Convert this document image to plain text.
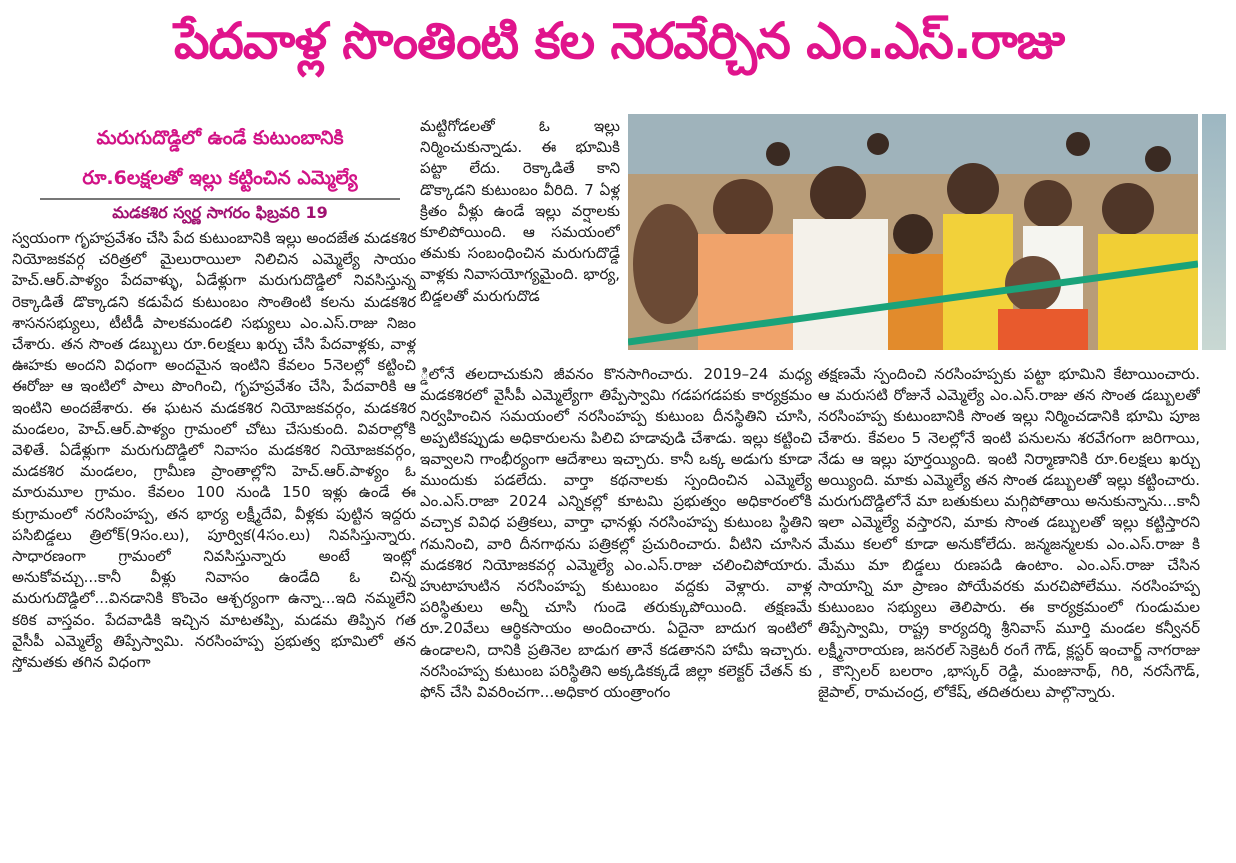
పేదవాళ్ల సొంతింటి కల నెరవేర్చిన ఎం.ఎస్.రాజు
మరుగుదొడ్డిలో ఉండే కుటుంబానికి
రూ.6లక్షలతో ఇల్లు కట్టించిన ఎమ్మెల్యే
మడకశిర స్వర్ణ సాగరం ఫిబ్రవరి 19

స్వయంగా గృహప్రవేశం చేసి పేద కుటుంబానికి ఇల్లు అందజేత మడకశిర నియోజకవర్గ చరిత్రలో మైలురాయిలా నిలిచిన ఎమ్మెల్యే సాయం హెచ్.ఆర్.పాళ్యం పేదవాళ్ళు, ఏడేళ్లుగా మరుగుదొడ్డిలో నివసిస్తున్న రెక్కాడితే డొక్కాడని కడుపేద కుటుంబం సొంతింటి కలను మడకశిర శాసనసభ్యులు, టీటీడీ పాలకమండలి సభ్యులు ఎం.ఎస్.రాజు నిజం చేశారు. తన సొంత డబ్బులు రూ.6లక్షలు ఖర్చు చేసి పేదవాళ్లకు, వాళ్ల ఊహకు అందని విధంగా అందమైన ఇంటిని కేవలం 5నెలల్లో కట్టించి ఈరోజు ఆ ఇంటిలో పాలు పొంగించి, గృహప్రవేశం చేసి, పేదవారికి ఆ ఇంటిని అందజేశారు. ఈ ఘటన మడకశిర నియోజకవర్గం, మడకశిర మండలం, హెచ్.ఆర్.పాళ్యం గ్రామంలో చోటు చేసుకుంది. వివరాల్లోకి వెళితే. ఏడేళ్లుగా మరుగుదొడ్డిలో నివాసం మడకశిర నియోజకవర్గం, మడకశిర మండలం, గ్రామీణ ప్రాంతాల్లోని హెచ్.ఆర్.పాళ్యం ఓ మారుమూల గ్రామం. కేవలం 100 నుండి 150 ఇళ్లు ఉండే ఈ కుగ్రామంలో నరసింహప్ప, తన భార్య లక్ష్మీదేవి, వీళ్లకు పుట్టిన ఇద్దరు పసిబిడ్డలు త్రిలోక్(9సం.లు), పూర్విక(4సం.లు) నివసిస్తున్నారు. సాధారణంగా గ్రామంలో నివసిస్తున్నారు అంటే ఇంట్లో అనుకోవచ్చు...కానీ వీళ్లు నివాసం ఉండేది ఓ చిన్న మరుగుదొడ్డిలో...వినడానికి కొంచెం ఆశ్చర్యంగా ఉన్నా...ఇది నమ్మలేని కఠిక వాస్తవం. పేదవాడికి ఇచ్చిన మాటతప్పి, మడమ తిప్పిన గత వైసీపీ ఎమ్మెల్యే తిప్పేస్వామి. నరసింహప్ప ప్రభుత్వ భూమిలో తన స్తోమతకు తగిన విధంగా

మట్టిగోడలతో ఓ ఇల్లు నిర్మించుకున్నాడు. ఈ భూమికి పట్టా లేదు. రెక్కాడితే కాని డొక్కాడని కుటుంబం వీరిది. 7 ఏళ్ల క్రితం వీళ్లు ఉండే ఇల్లు వర్షాలకు కూలిపోయింది. ఆ సమయంలో తమకు సంబంధించిన మరుగుదొడ్డే వాళ్లకు నివాసయోగ్యమైంది. భార్య, బిడ్డలతో మరుగుదొడ

్డిలోనే తలదాచుకుని జీవనం కొనసాగించారు. 2019–24 మధ్య మడకశిరలో వైసీపీ ఎమ్మెల్యేగా తిప్పేస్వామి గడపగడపకు కార్యక్రమం నిర్వహించిన సమయంలో నరసింహప్ప కుటుంబ దీనస్థితిని చూసి, అప్పటికప్పుడు అధికారులను పిలిచి హడావుడి చేశాడు. ఇల్లు కట్టించి ఇవ్వాలని గాంభీర్యంగా ఆదేశాలు ఇచ్చారు. కానీ ఒక్క అడుగు కూడా ముందుకు పడలేదు. వార్తా కథనాలకు స్పందించిన ఎమ్మెల్యే ఎం.ఎస్.రాజా 2024 ఎన్నికల్లో కూటమి ప్రభుత్వం అధికారంలోకి వచ్చాక వివిధ పత్రికలు, వార్తా ఛానళ్లు నరసింహప్ప కుటుంబ స్థితిని గమనించి, వారి దీనగాథను పత్రికల్లో ప్రచురించారు. వీటిని చూసిన మడకశిర నియోజకవర్గ ఎమ్మెల్యే ఎం.ఎస్.రాజు చలించిపోయారు. హుటాహుటిన నరసింహప్ప కుటుంబం వద్దకు వెళ్లారు. వాళ్ల పరిస్థితులు అన్నీ చూసి గుండె తరుక్కుపోయింది. తక్షణమే రూ.20వేలు ఆర్థికసాయం అందించారు. ఏదైనా బాదుగ ఇంటిలో ఉండాలని, దానికి ప్రతినెల బాడుగ తానే కడతానని హామీ ఇచ్చారు. నరసింహప్ప కుటుంబ పరిస్థితిని అక్కడికక్కడే జిల్లా కలెక్టర్ చేతన్ కు ఫోన్ చేసి వివరించగా...అధికార యంత్రాంగం

తక్షణమే స్పందించి నరసింహప్పకు పట్టా భూమిని కేటాయించారు. ఆ మరుసటి రోజునే ఎమ్మెల్యే ఎం.ఎస్.రాజు తన సొంత డబ్బులతో నరసింహప్ప కుటుంబానికి సొంత ఇల్లు నిర్మించడానికి భూమి పూజ చేశారు. కేవలం 5 నెలల్లోనే ఇంటి పనులను శరవేగంగా జరిగాయి, నేడు ఆ ఇల్లు పూర్తయ్యింది. ఇంటి నిర్మాణానికి రూ.6లక్షలు ఖర్చు అయ్యింది. మాకు ఎమ్మెల్యే తన సొంత డబ్బులతో ఇల్లు కట్టించారు. మరుగుదొడ్డిలోనే మా బతుకులు మగ్గిపోతాయి అనుకున్నాను...కానీ ఇలా ఎమ్మెల్యే వస్తారని, మాకు సొంత డబ్బులతో ఇల్లు కట్టిస్తారని మేము కలలో కూడా అనుకోలేదు. జన్మజన్మలకు ఎం.ఎస్.రాజు కి మేము మా బిడ్డలు రుణపడి ఉంటాం. ఎం.ఎస్.రాజు చేసిన సాయాన్ని మా ప్రాణం పోయేవరకు మరచిపోలేము. నరసింహప్ప కుటుంబం సభ్యులు తెలిపారు. ఈ కార్యక్రమంలో గుండుమల తిప్పేస్వామి, రాష్ట్ర కార్యదర్శి శ్రీనివాస్ మూర్తి మండల కన్వీనర్ లక్ష్మీనారాయణ, జనరల్ సెక్రెటరీ రంగే గౌడ్, క్లస్టర్ ఇంచార్జ్ నాగరాజు , కౌన్సిలర్ బలరాం ,భాస్కర్ రెడ్డి, మంజునాథ్, గిరి, నరసేగౌడ్, జైపాల్, రామచంద్ర, లోకేష్, తదితరులు పాల్గొన్నారు.
